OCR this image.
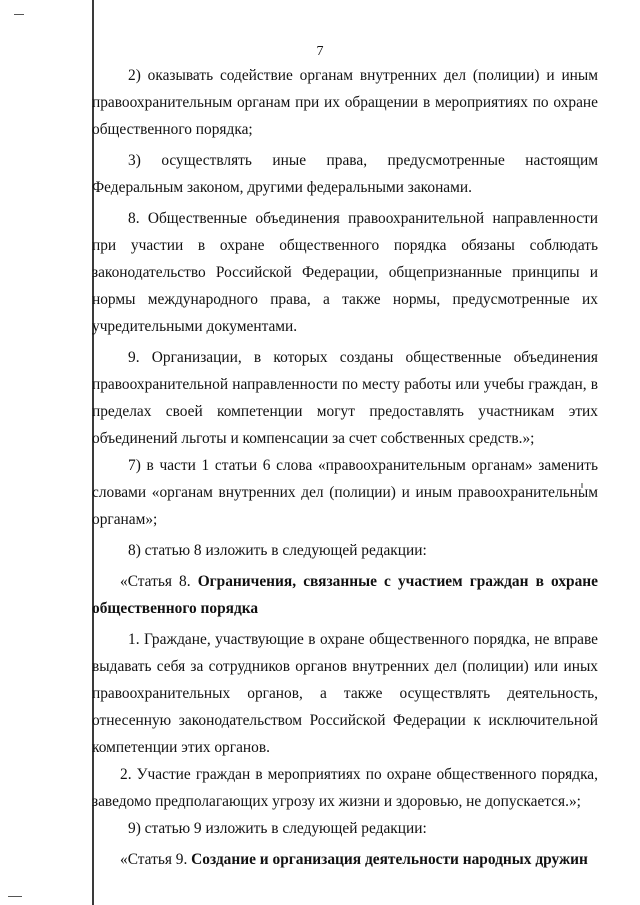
7

2) оказывать содействие органам внутренних дел (полиции) и иным правоохранительным органам при их обращении в мероприятиях по охране общественного порядка;

3) осуществлять иные права, предусмотренные настоящим Федеральным законом, другими федеральными законами.

8. Общественные объединения правоохранительной направленности при участии в охране общественного порядка обязаны соблюдать законодательство Российской Федерации, общепризнанные принципы и нормы международного права, а также нормы, предусмотренные их учредительными документами.

9. Организации, в которых созданы общественные объединения правоохранительной направленности по месту работы или учебы граждан, в пределах своей компетенции могут предоставлять участникам этих объединений льготы и компенсации за счет собственных средств.»;

7) в части 1 статьи 6 слова «правоохранительным органам» заменить словами «органам внутренних дел (полиции) и иным правоохранительным органам»;

8) статью 8 изложить в следующей редакции:

«Статья 8. Ограничения, связанные с участием граждан в охране общественного порядка

1. Граждане, участвующие в охране общественного порядка, не вправе выдавать себя за сотрудников органов внутренних дел (полиции) или иных правоохранительных органов, а также осуществлять деятельность, отнесенную законодательством Российской Федерации к исключительной компетенции этих органов.

2. Участие граждан в мероприятиях по охране общественного порядка, заведомо предполагающих угрозу их жизни и здоровью, не допускается.»;

9) статью 9 изложить в следующей редакции:

«Статья 9. Создание и организация деятельности народных дружин
